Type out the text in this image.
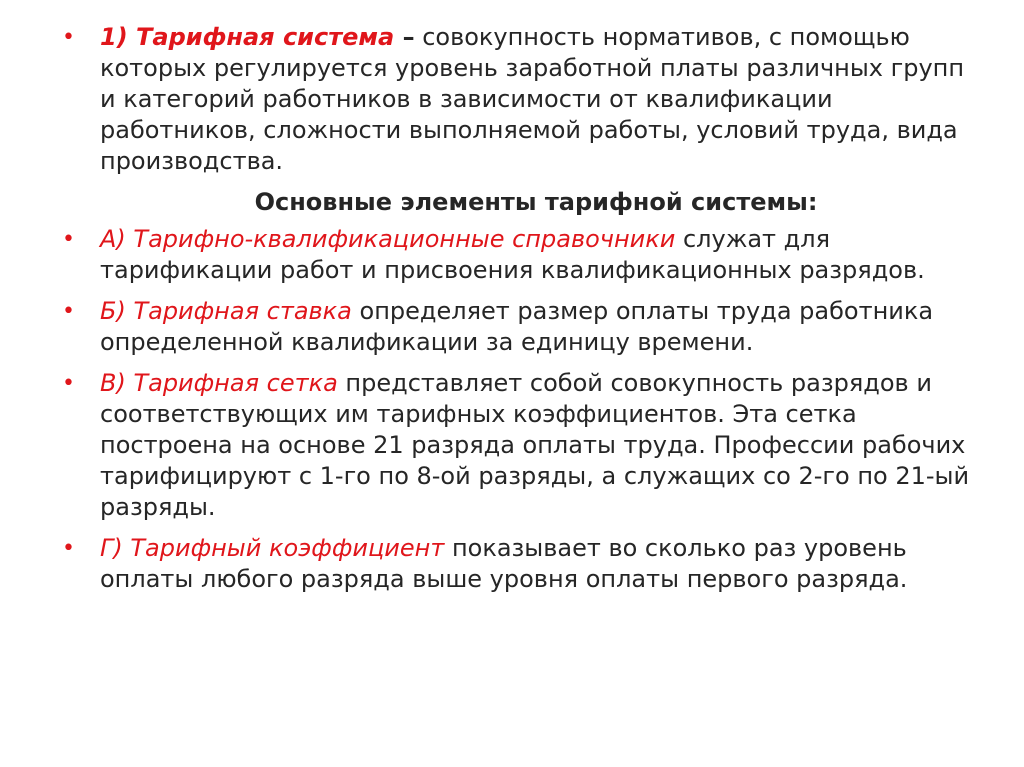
• 1) Тарифная система – совокупность нормативов, с помощью которых регулируется уровень заработной платы различных групп и категорий работников в зависимости от квалификации работников, сложности выполняемой работы, условий труда, вида производства.
Основные элементы тарифной системы:
• А) Тарифно-квалификационные справочники служат для тарификации работ и присвоения квалификационных разрядов.
• Б) Тарифная ставка определяет размер оплаты труда работника определенной квалификации за единицу времени.
• В) Тарифная сетка представляет собой совокупность разрядов и соответствующих им тарифных коэффициентов. Эта сетка построена на основе 21 разряда оплаты труда. Профессии рабочих тарифицируют с 1-го по 8-ой разряды, а служащих со 2-го по 21-ый разряды.
• Г) Тарифный коэффициент показывает во сколько раз уровень оплаты любого разряда выше уровня оплаты первого разряда.
